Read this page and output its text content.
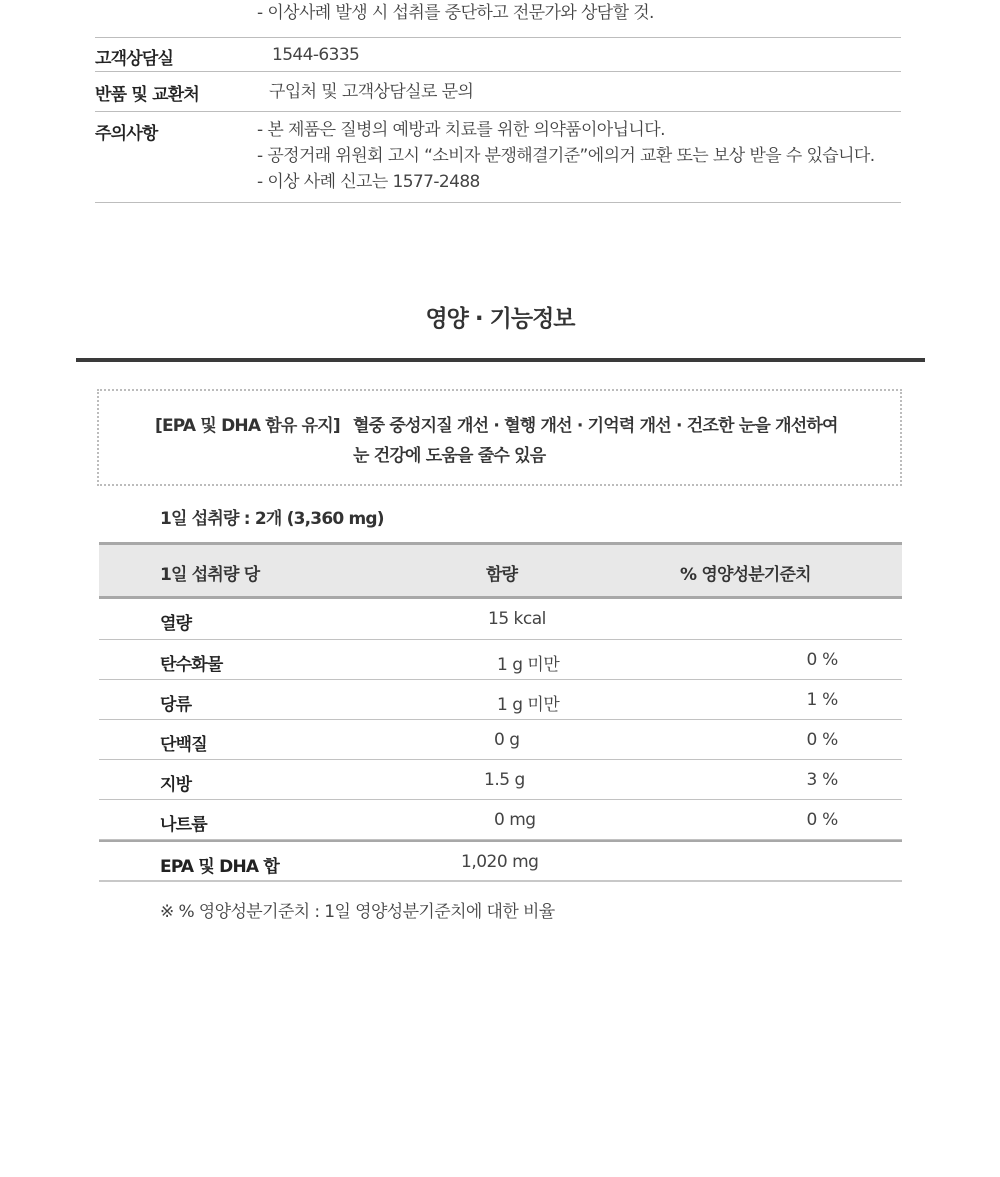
- 이상사례 발생 시 섭취를 중단하고 전문가와 상담할 것.
고객상담실	1544-6335
반품 및 교환처	구입처 및 고객상담실로 문의
주의사항	- 본 제품은 질병의 예방과 치료를 위한 의약품이아닙니다.
- 공정거래 위원회 고시 “소비자 분쟁해결기준”에의거 교환 또는 보상 받을 수 있습니다.
- 이상 사례 신고는 1577-2488
영양 · 기능정보
[EPA 및 DHA 함유 유지] 혈중 중성지질 개선 · 혈행 개선 · 기억력 개선 · 건조한 눈을 개선하여
눈 건강에 도움을 줄수 있음
1일 섭취량 : 2개 (3,360 mg)
1일 섭취량 당	함량	% 영양성분기준치
열량	15 kcal
탄수화물	1 g 미만	0 %
당류	1 g 미만	1 %
단백질	0 g	0 %
지방	1.5 g	3 %
나트륨	0 mg	0 %
EPA 및 DHA 합	1,020 mg
※ % 영양성분기준치 : 1일 영양성분기준치에 대한 비율
